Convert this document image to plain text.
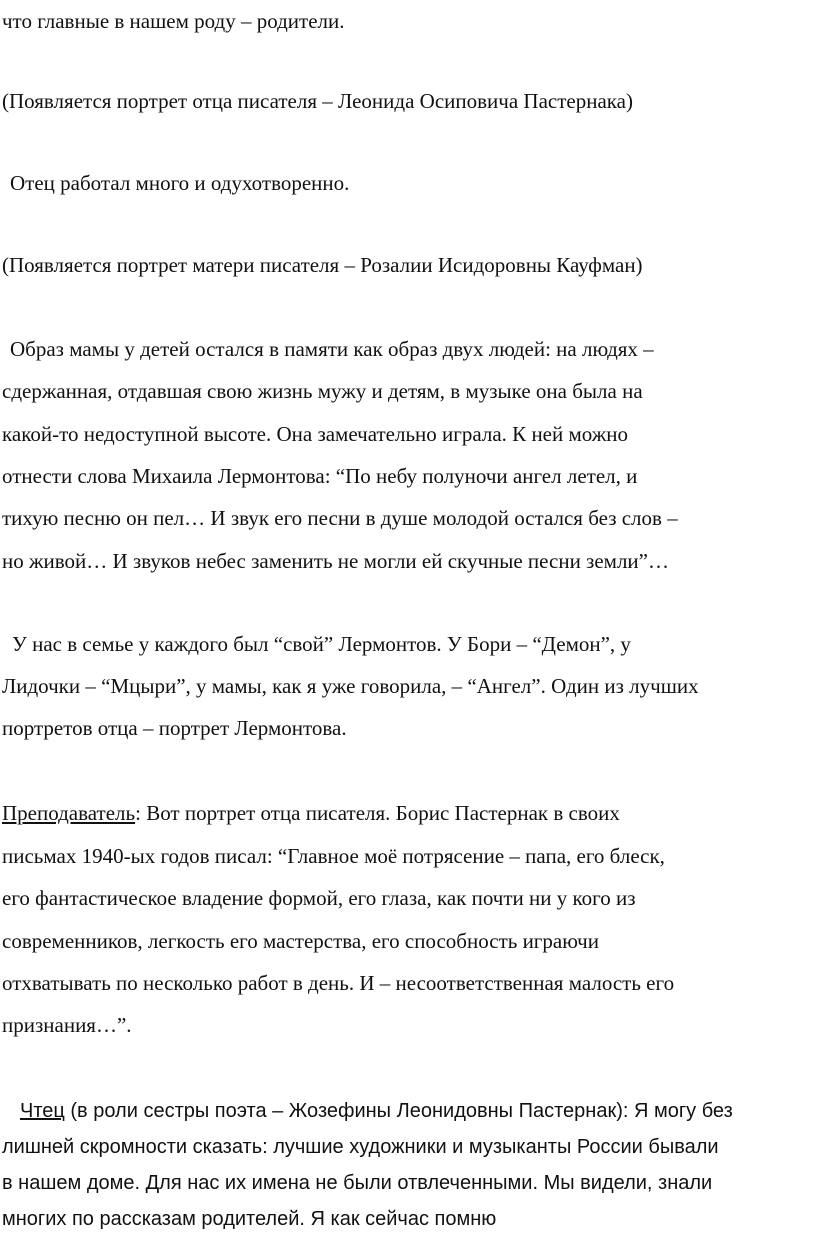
что главные в нашем роду – родители.
(Появляется портрет отца писателя – Леонида Осиповича Пастернака)
Отец работал много и одухотворенно.
(Появляется портрет матери писателя – Розалии Исидоровны Кауфман)
Образ мамы у детей остался в памяти как образ двух людей: на людях –
сдержанная, отдавшая свою жизнь мужу и детям, в музыке она была на
какой-то недоступной высоте. Она замечательно играла. К ней можно
отнести слова Михаила Лермонтова: “По небу полуночи ангел летел, и
тихую песню он пел… И звук его песни в душе молодой остался без слов –
но живой… И звуков небес заменить не могли ей скучные песни земли”…
У нас в семье у каждого был “свой” Лермонтов. У Бори – “Демон”, у
Лидочки – “Мцыри”, у мамы, как я уже говорила, – “Ангел”. Один из лучших
портретов отца – портрет Лермонтова.
Преподаватель: Вот портрет отца писателя. Борис Пастернак в своих
письмах 1940-ых годов писал: “Главное моё потрясение – папа, его блеск,
его фантастическое владение формой, его глаза, как почти ни у кого из
современников, легкость его мастерства, его способность играючи
отхватывать по несколько работ в день. И – несоответственная малость его
признания…”.
Чтец (в роли сестры поэта – Жозефины Леонидовны Пастернак): Я могу без
лишней скромности сказать: лучшие художники и музыканты России бывали
в нашем доме. Для нас их имена не были отвлеченными. Мы видели, знали
многих по рассказам родителей. Я как сейчас помню
